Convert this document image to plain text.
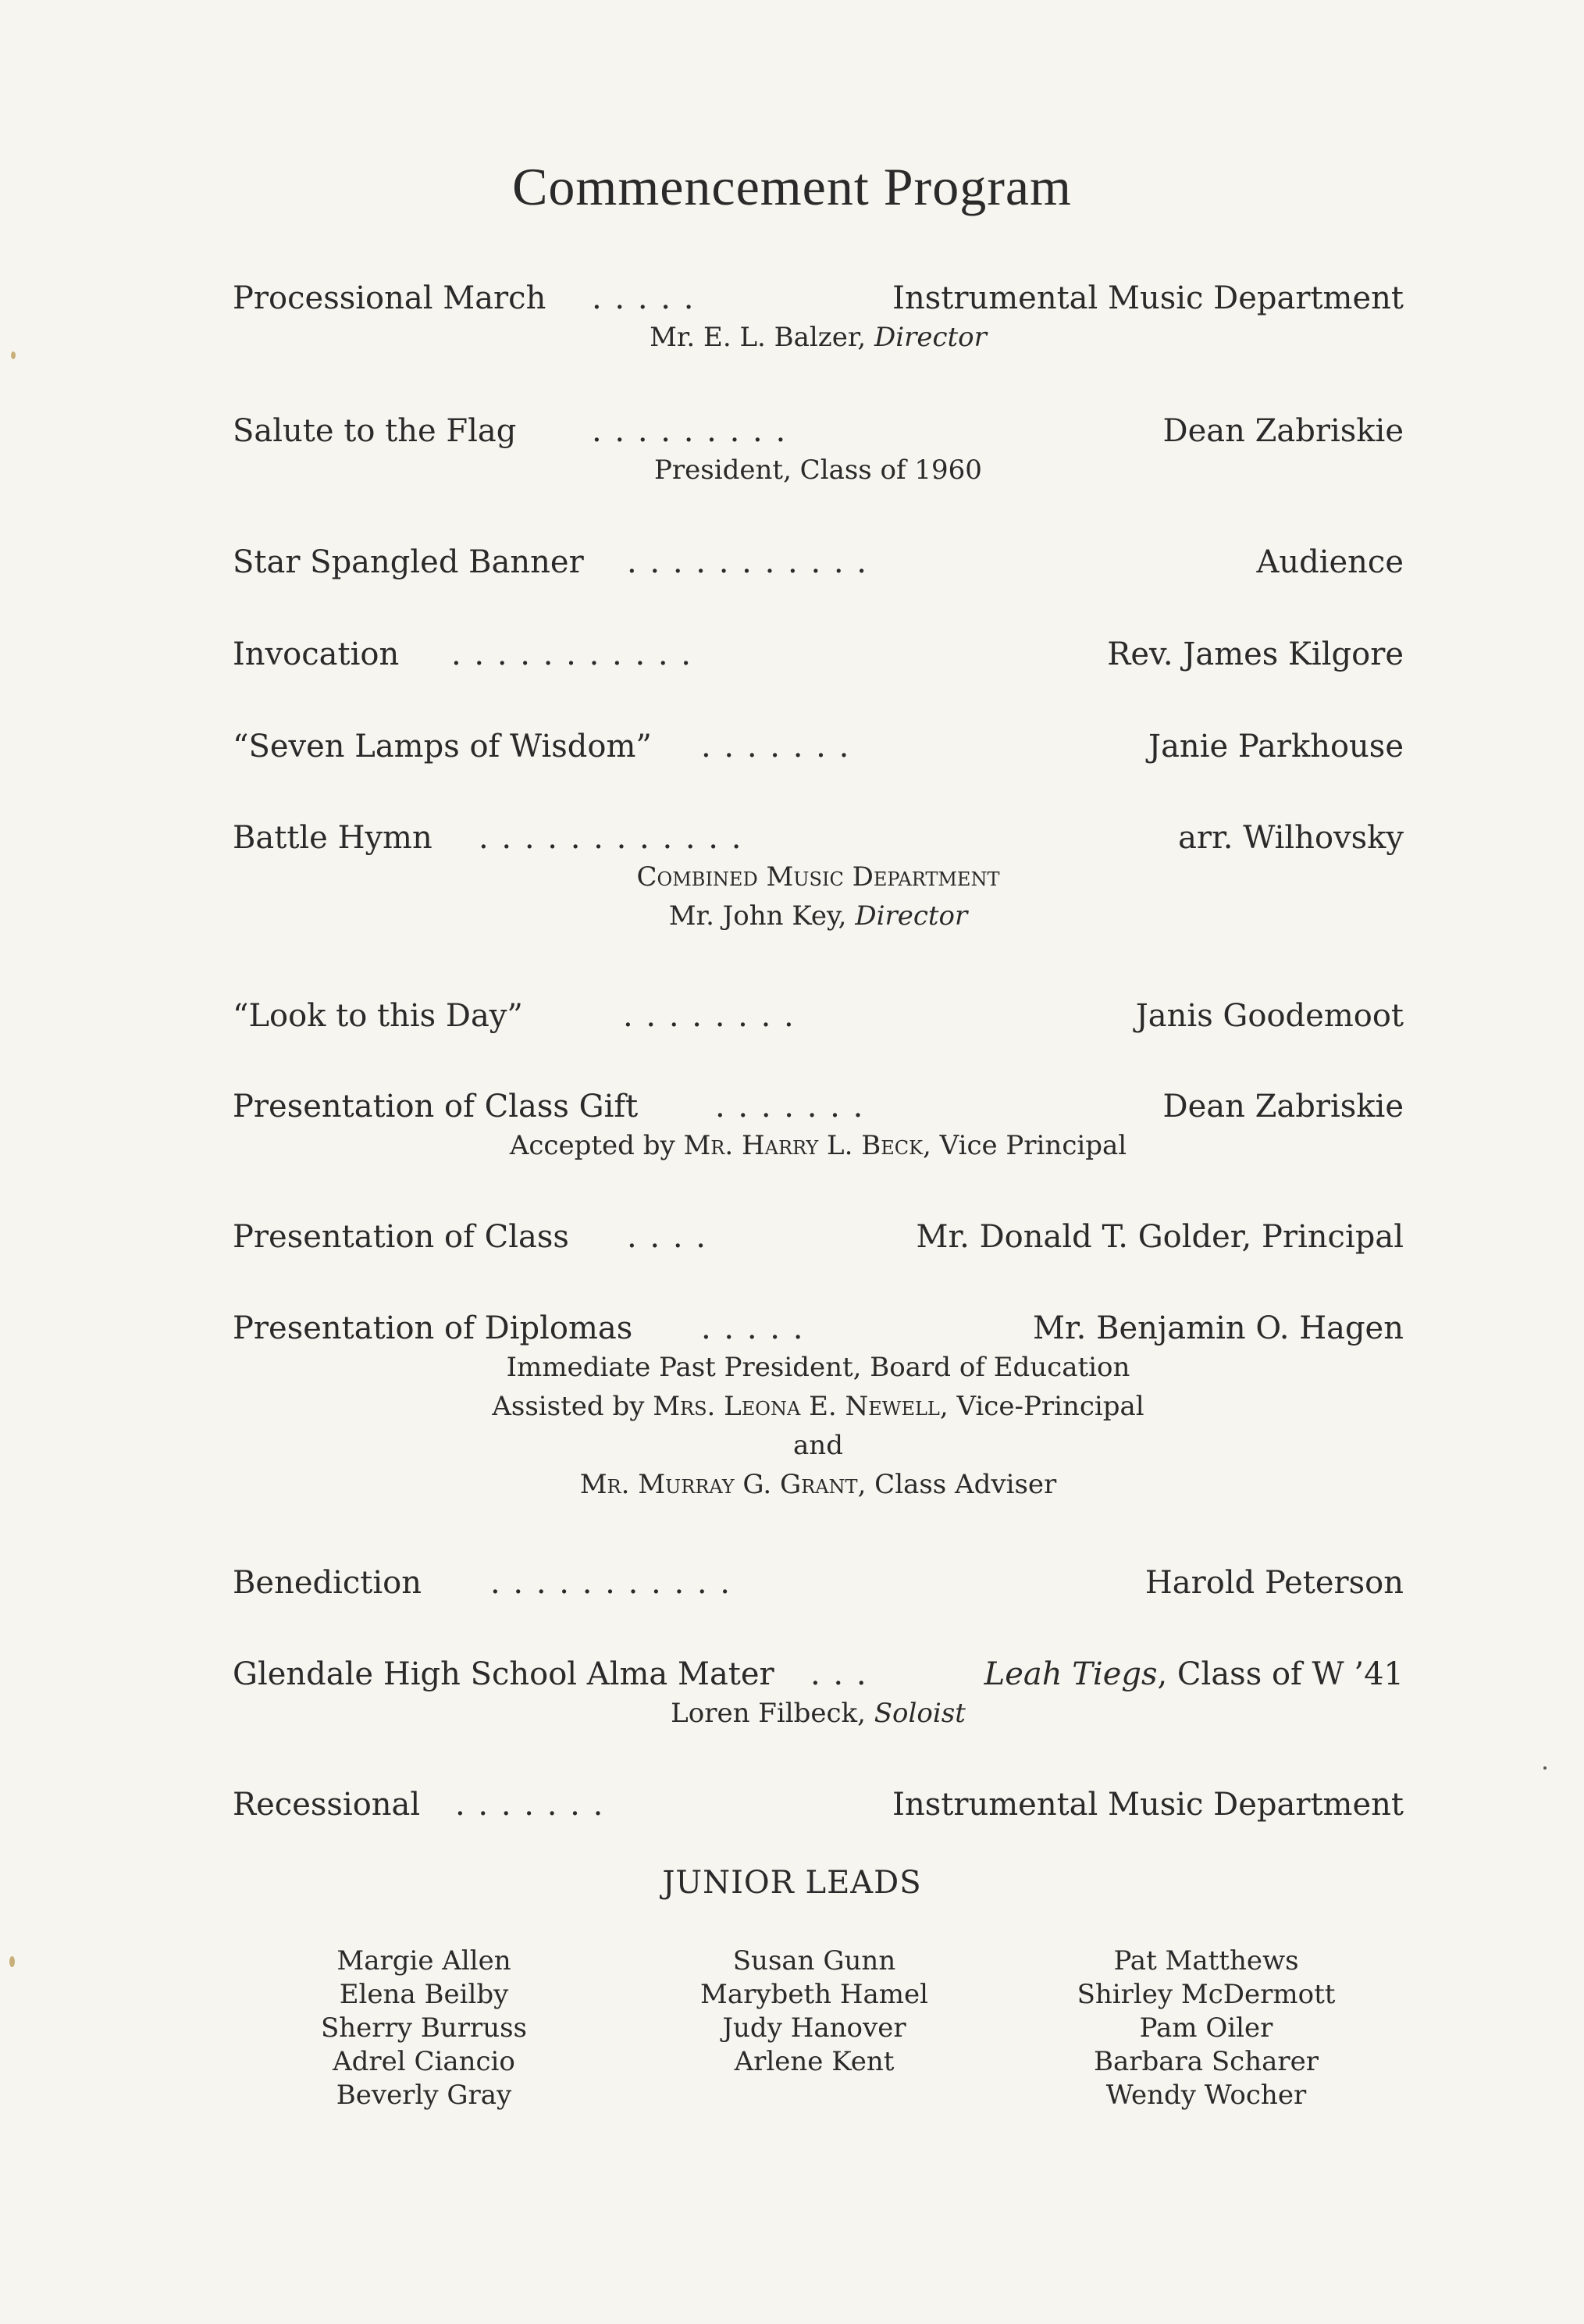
Commencement Program
Processional March . . . . .	Instrumental Music Department
Mr. E. L. Balzer, Director
Salute to the Flag . . . . . . . . .	Dean Zabriskie
President, Class of 1960
Star Spangled Banner . . . . . . . . . . .	Audience
Invocation . . . . . . . . . . .	Rev. James Kilgore
“Seven Lamps of Wisdom” . . . . . . .	Janie Parkhouse
Battle Hymn . . . . . . . . . . . .	arr. Wilhovsky
Combined Music Department
Mr. John Key, Director
“Look to this Day”	. . . . . . . .	Janis Goodemoot
Presentation of Class Gift . . . . . . .	Dean Zabriskie
Accepted by Mr. Harry L. Beck, Vice Principal
Presentation of Class . . . .	Mr. Donald T. Golder, Principal
Presentation of Diplomas . . . . .	Mr. Benjamin O. Hagen
Immediate Past President, Board of Education
Assisted by Mrs. Leona E. Newell, Vice-Principal
and
Mr. Murray G. Grant, Class Adviser
Benediction . . . . . . . . . . .	Harold Peterson
Glendale High School Alma Mater . . .	Leah Tiegs, Class of W ’41
Loren Filbeck, Soloist
Recessional . . . . . . .	Instrumental Music Department
JUNIOR LEADS
Margie Allen
Elena Beilby
Sherry Burruss
Adrel Ciancio
Beverly Gray
Susan Gunn
Marybeth Hamel
Judy Hanover
Arlene Kent
Pat Matthews
Shirley McDermott
Pam Oiler
Barbara Scharer
Wendy Wocher
